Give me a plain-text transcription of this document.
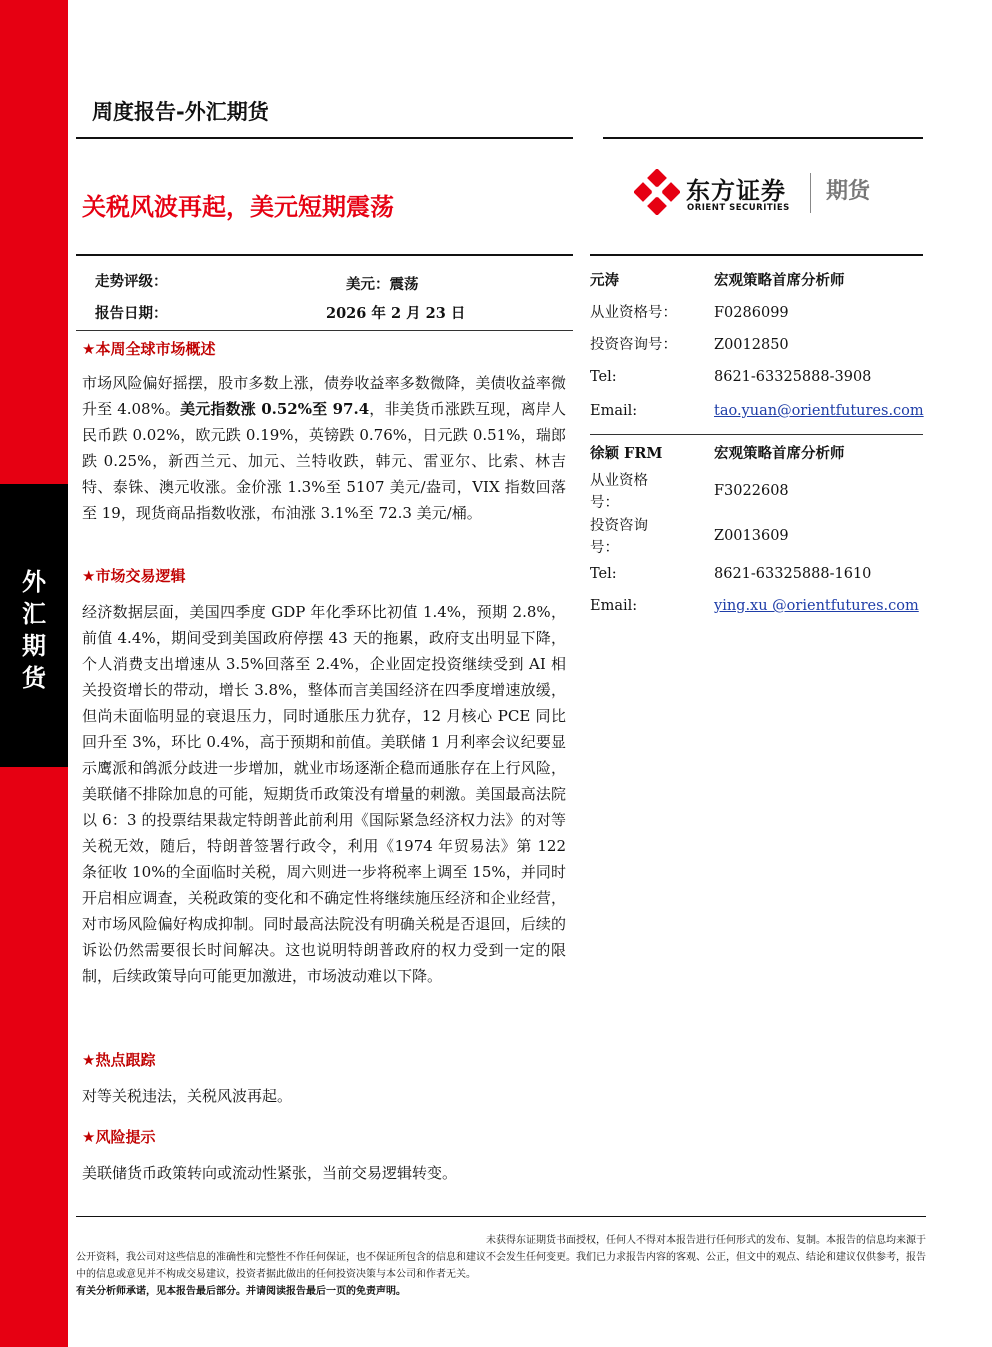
外
汇
期
货
周度报告-外汇期货
关税风波再起，美元短期震荡
东方证券
ORIENT SECURITIES
期货
走势评级：	美元：震荡
报告日期：	2026 年 2 月 23 日
★本周全球市场概述

市场风险偏好摇摆，股市多数上涨，债券收益率多数微降，美债收益率微升至 4.08%。美元指数涨 0.52%至 97.4，非美货币涨跌互现，离岸人民币跌 0.02%，欧元跌 0.19%，英镑跌 0.76%，日元跌 0.51%，瑞郎跌 0.25%，新西兰元、加元、兰特收跌，韩元、雷亚尔、比索、林吉特、泰铢、澳元收涨。金价涨 1.3%至 5107 美元/盎司，VIX 指数回落至 19，现货商品指数收涨，布油涨 3.1%至 72.3 美元/桶。

★市场交易逻辑

经济数据层面，美国四季度 GDP 年化季环比初值 1.4%，预期 2.8%，前值 4.4%，期间受到美国政府停摆 43 天的拖累，政府支出明显下降，个人消费支出增速从 3.5%回落至 2.4%，企业固定投资继续受到 AI 相关投资增长的带动，增长 3.8%，整体而言美国经济在四季度增速放缓，但尚未面临明显的衰退压力，同时通胀压力犹存，12 月核心 PCE 同比回升至 3%，环比 0.4%，高于预期和前值。美联储 1 月利率会议纪要显示鹰派和鸽派分歧进一步增加，就业市场逐渐企稳而通胀存在上行风险，美联储不排除加息的可能，短期货币政策没有增量的刺激。美国最高法院以 6：3 的投票结果裁定特朗普此前利用《国际紧急经济权力法》的对等关税无效，随后，特朗普签署行政令，利用《1974 年贸易法》第 122 条征收 10%的全面临时关税，周六则进一步将税率上调至 15%，并同时开启相应调查，关税政策的变化和不确定性将继续施压经济和企业经营，对市场风险偏好构成抑制。同时最高法院没有明确关税是否退回，后续的诉讼仍然需要很长时间解决。这也说明特朗普政府的权力受到一定的限制，后续政策导向可能更加激进，市场波动难以下降。

★热点跟踪

对等关税违法，关税风波再起。

★风险提示

美联储货币政策转向或流动性紧张，当前交易逻辑转变。

元涛	宏观策略首席分析师
从业资格号：	F0286099
投资咨询号：	Z0012850
Tel:	8621-63325888-3908
Email:	tao.yuan@orientfutures.com
徐颖 FRM	宏观策略首席分析师
从业资格号：
F3022608
投资咨询号：
Z0013609
Tel:	8621-63325888-1610
Email:	ying.xu @orientfutures.com

未获得东证期货书面授权，任何人不得对本报告进行任何形式的发布、复制。本报告的信息均来源于
公开资料，我公司对这些信息的准确性和完整性不作任何保证，也不保证所包含的信息和建议不会发生任何变更。我们已力求报告内容的客观、公正，但文中的观点、结论和建议仅供参考，报告中的信息或意见并不构成交易建议，投资者据此做出的任何投资决策与本公司和作者无关。
有关分析师承诺，见本报告最后部分。并请阅读报告最后一页的免责声明。
